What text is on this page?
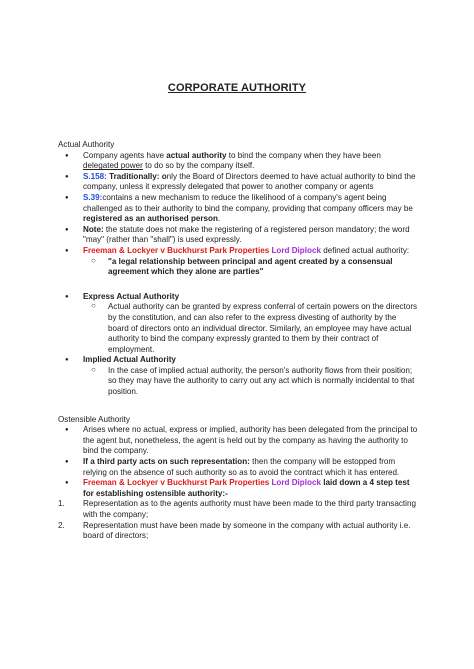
CORPORATE AUTHORITY

Actual Authority

● Company agents have actual authority to bind the company when they have been delegated power to do so by the company itself.
● S.158: Traditionally: only the Board of Directors deemed to have actual authority to bind the company, unless it expressly delegated that power to another company or agents
● S.39:contains a new mechanism to reduce the likelihood of a company's agent being challenged as to their authority to bind the company, providing that company officers may be registered as an authorised person.
● Note: the statute does not make the registering of a registered person mandatory; the word "may" (rather than "shall") is used expressly.
● Freeman & Lockyer v Buckhurst Park Properties Lord Diplock defined actual authority:
○ "a legal relationship between principal and agent created by a consensual agreement which they alone are parties"
● Express Actual Authority
○ Actual authority can be granted by express conferral of certain powers on the directors by the constitution, and can also refer to the express divesting of authority by the board of directors onto an individual director. Similarly, an employee may have actual authority to bind the company expressly granted to them by their contract of employment.
● Implied Actual Authority
○ In the case of implied actual authority, the person's authority flows from their position; so they may have the authority to carry out any act which is normally incidental to that position.

Ostensible Authority

● Arises where no actual, express or implied, authority has been delegated from the principal to the agent but, nonetheless, the agent is held out by the company as having the authority to bind the company.
● If a third party acts on such representation: then the company will be estopped from relying on the absence of such authority so as to avoid the contract which it has entered.
● Freeman & Lockyer v Buckhurst Park Properties Lord Diplock laid down a 4 step test for establishing ostensible authority:-
1. Representation as to the agents authority must have been made to the third party transacting with the company;
2. Representation must have been made by someone in the company with actual authority i.e. board of directors;
